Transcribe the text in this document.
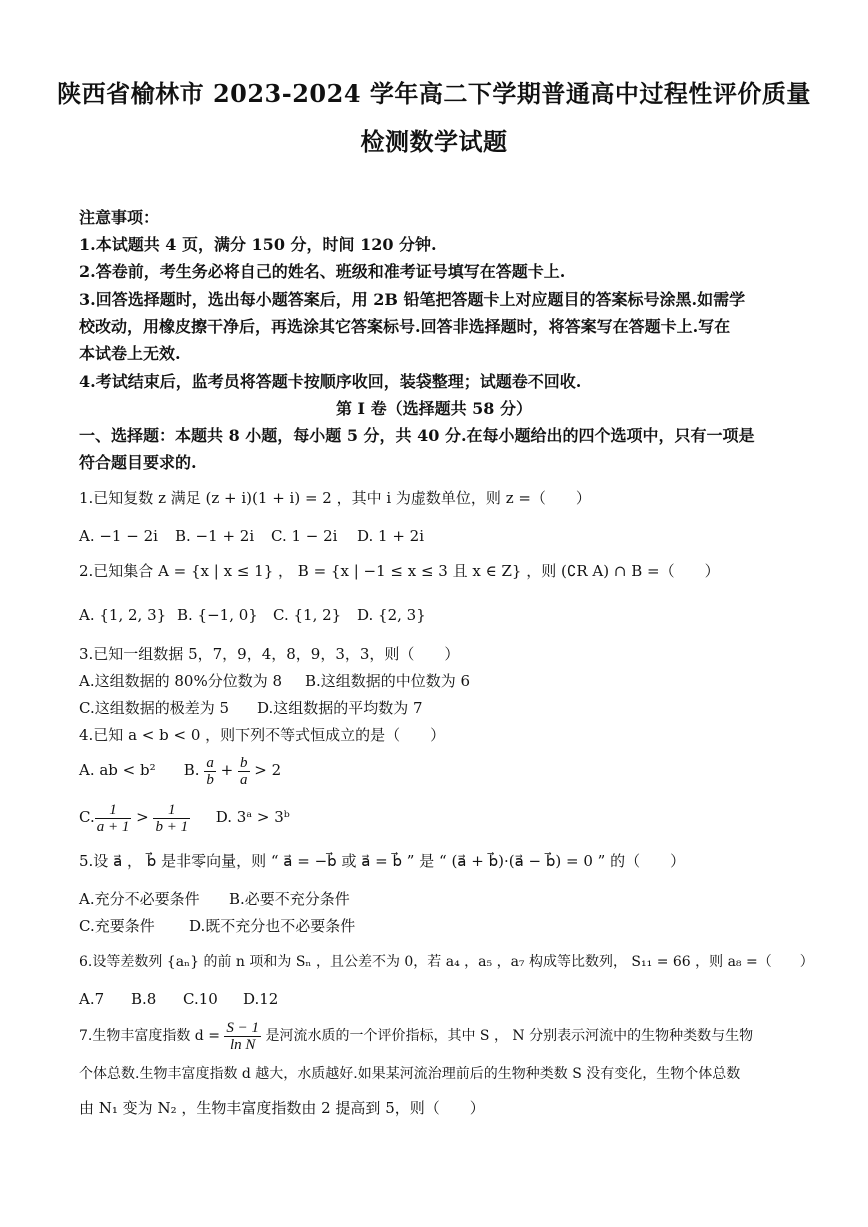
陕西省榆林市 2023-2024 学年高二下学期普通高中过程性评价质量
检测数学试题
注意事项：
1.本试题共 4 页，满分 150 分，时间 120 分钟.
2.答卷前，考生务必将自己的姓名、班级和准考证号填写在答题卡上.
3.回答选择题时，选出每小题答案后，用 2B 铅笔把答题卡上对应题目的答案标号涂黑.如需学
校改动，用橡皮擦干净后，再选涂其它答案标号.回答非选择题时，将答案写在答题卡上.写在
本试卷上无效.
4.考试结束后，监考员将答题卡按顺序收回，装袋整理；试题卷不回收.
第 I 卷（选择题共 58 分）
一、选择题：本题共 8 小题，每小题 5 分，共 40 分.在每小题给出的四个选项中，只有一项是
符合题目要求的.
1.已知复数 z 满足 (z + i)(1 + i) = 2 ，其中 i 为虚数单位，则 z =（　　）
A. −1 − 2i B. −1 + 2i C. 1 − 2i D. 1 + 2i
2.已知集合 A = {x | x ≤ 1} ， B = {x | −1 ≤ x ≤ 3 且 x ∈ Z} ，则 (∁R A) ∩ B =（　　）
A. {1, 2, 3} B. {−1, 0} C. {1, 2} D. {2, 3}
3.已知一组数据 5，7，9，4，8，9，3，3，则（　　）
A.这组数据的 80%分位数为 8 B.这组数据的中位数为 6
C.这组数据的极差为 5 D.这组数据的平均数为 7
4.已知 a < b < 0 ，则下列不等式恒成立的是（　　）
A. ab < b² B. $\frac{a}{b} + \frac{b}{a} > 2$
C. $\frac{1}{a + 1} > \frac{1}{b + 1} D$. 3ᵃ > 3ᵇ
5.设 a⃗ ， b⃗ 是非零向量，则 “ a⃗ = −b⃗ 或 a⃗ = b⃗ ” 是 “ (a⃗ + b⃗)·(a⃗ − b⃗) = 0 ” 的（　　）
A.充分不必要条件 B.必要不充分条件
C.充要条件 D.既不充分也不必要条件
6.设等差数列 {aₙ} 的前 n 项和为 Sₙ ，且公差不为 0，若 a₄ ，a₅ ，a₇ 构成等比数列， S₁₁ = 66 ，则 a₈ =（　　）
A.7 B.8 C.10 D.12
7.生物丰富度指数 $d = \frac{S - 1}{\text{ln N}}$ 是河流水质的一个评价指标，其中 S ， N 分别表示河流中的生物种类数与生物
个体总数.生物丰富度指数 d 越大，水质越好.如果某河流治理前后的生物种类数 S 没有变化，生物个体总数
由 N₁ 变为 N₂ ，生物丰富度指数由 2 提高到 5，则（　　）
